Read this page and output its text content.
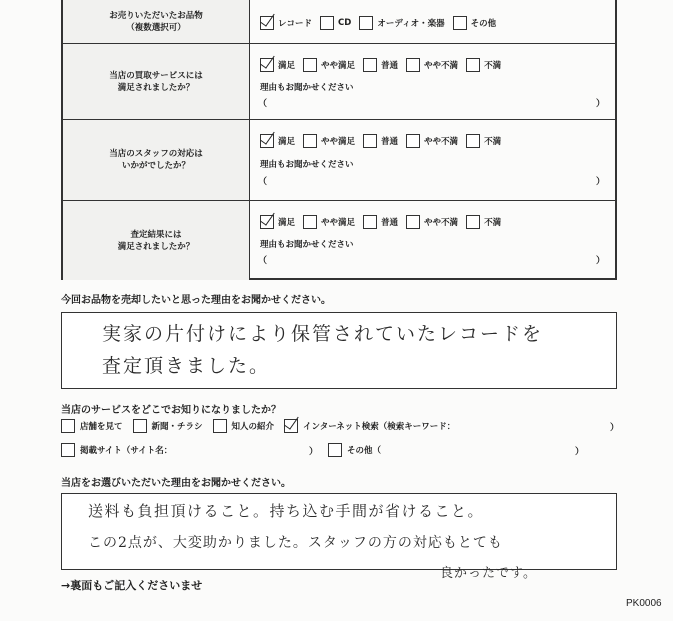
お売りいただいたお品物
（複数選択可）	レコード	CD	オーディオ・楽器	その他
当店の買取サービスには
満足されましたか？
満足	やや満足	普通	やや不満	不満
理由もお聞かせください
（	）
当店のスタッフの対応は
いかがでしたか？
満足	やや満足	普通	やや不満	不満
理由もお聞かせください
（	）
査定結果には
満足されましたか？
満足	やや満足	普通	やや不満	不満
理由もお聞かせください
（	）
今回お品物を売却したいと思った理由をお聞かせください。
実家の片付けにより保管されていたレコードを
査定頂きました。
当店のサービスをどこでお知りになりましたか？
店舗を見て	新聞・チラシ	知人の紹介	インターネット検索（検索キーワード：	）
掲載サイト（サイト名：	）	その他（	）
当店をお選びいただいた理由をお聞かせください。
送料も負担頂けること。持ち込む手間が省けること。
この2点が、大変助かりました。スタッフの方の対応もとても
良かったです。
→裏面もご記入くださいませ
PK0006
